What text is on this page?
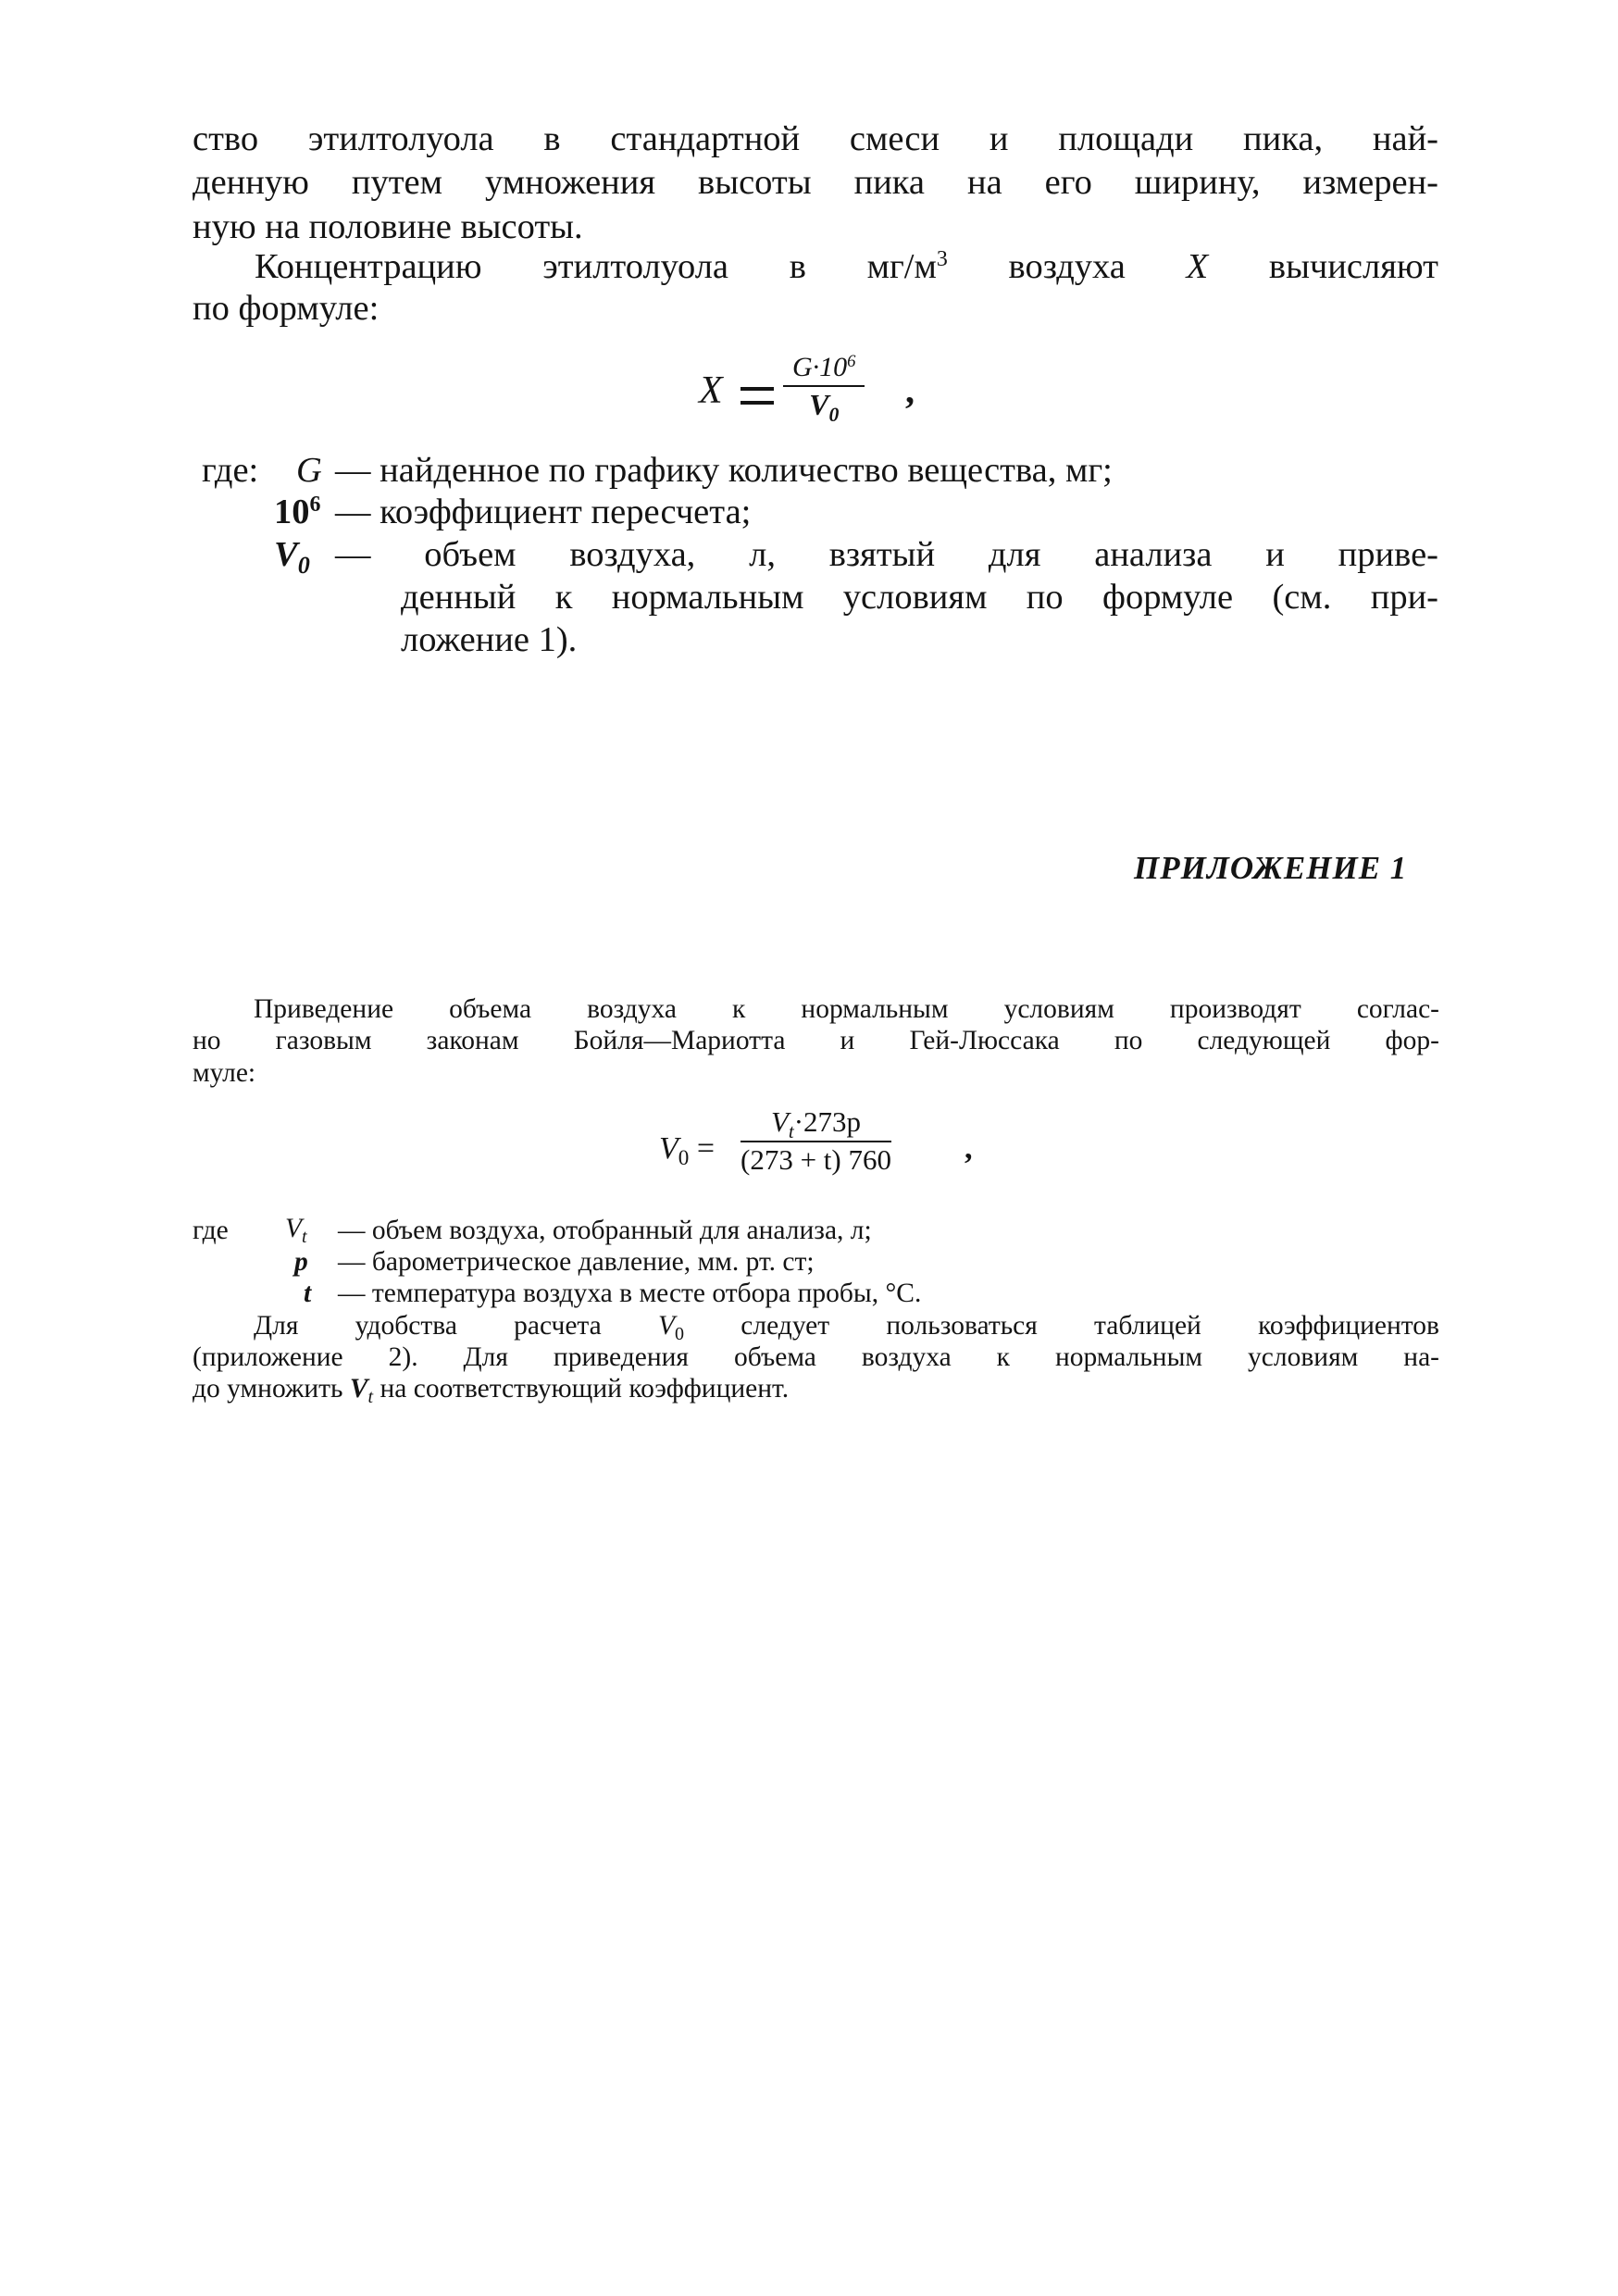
ство этилтолуола в стандартной смеси и площади пика, най-
денную путем умножения высоты пика на его ширину, измерен-
ную на половине высоты.
Концентрацию этилтолуола в $мг/м^3$ воздуха X вычисляют
по формуле:
X
$G\cdot 10^6$
$V_0$
,
где: G — найденное по графику количество вещества, мг;
$10^6$ — коэффициент пересчета;
$V_0$ — объем воздуха, л, взятый для анализа и приве-
денный к нормальным условиям по формуле (см. при-
ложение 1).
ПРИЛОЖЕНИЕ 1
Приведение объема воздуха к нормальным условиям производят соглас-
но газовым законам Бойля—Мариотта и Гей-Люссака по следующей фор-
муле:
$V_0$ =
$V_t\cdot 273p$
(273 + t) 760 ,
где $V_t$ — объем воздуха, отобранный для анализа, л;
p — барометрическое давление, мм. рт. ст;
t — температура воздуха в месте отбора пробы, °С.
Для удобства расчета $V_0$ следует пользоваться таблицей коэффициентов
(приложение 2). Для приведения объема воздуха к нормальным условиям на-
до умножить $V_t$ на соответствующий коэффициент.
